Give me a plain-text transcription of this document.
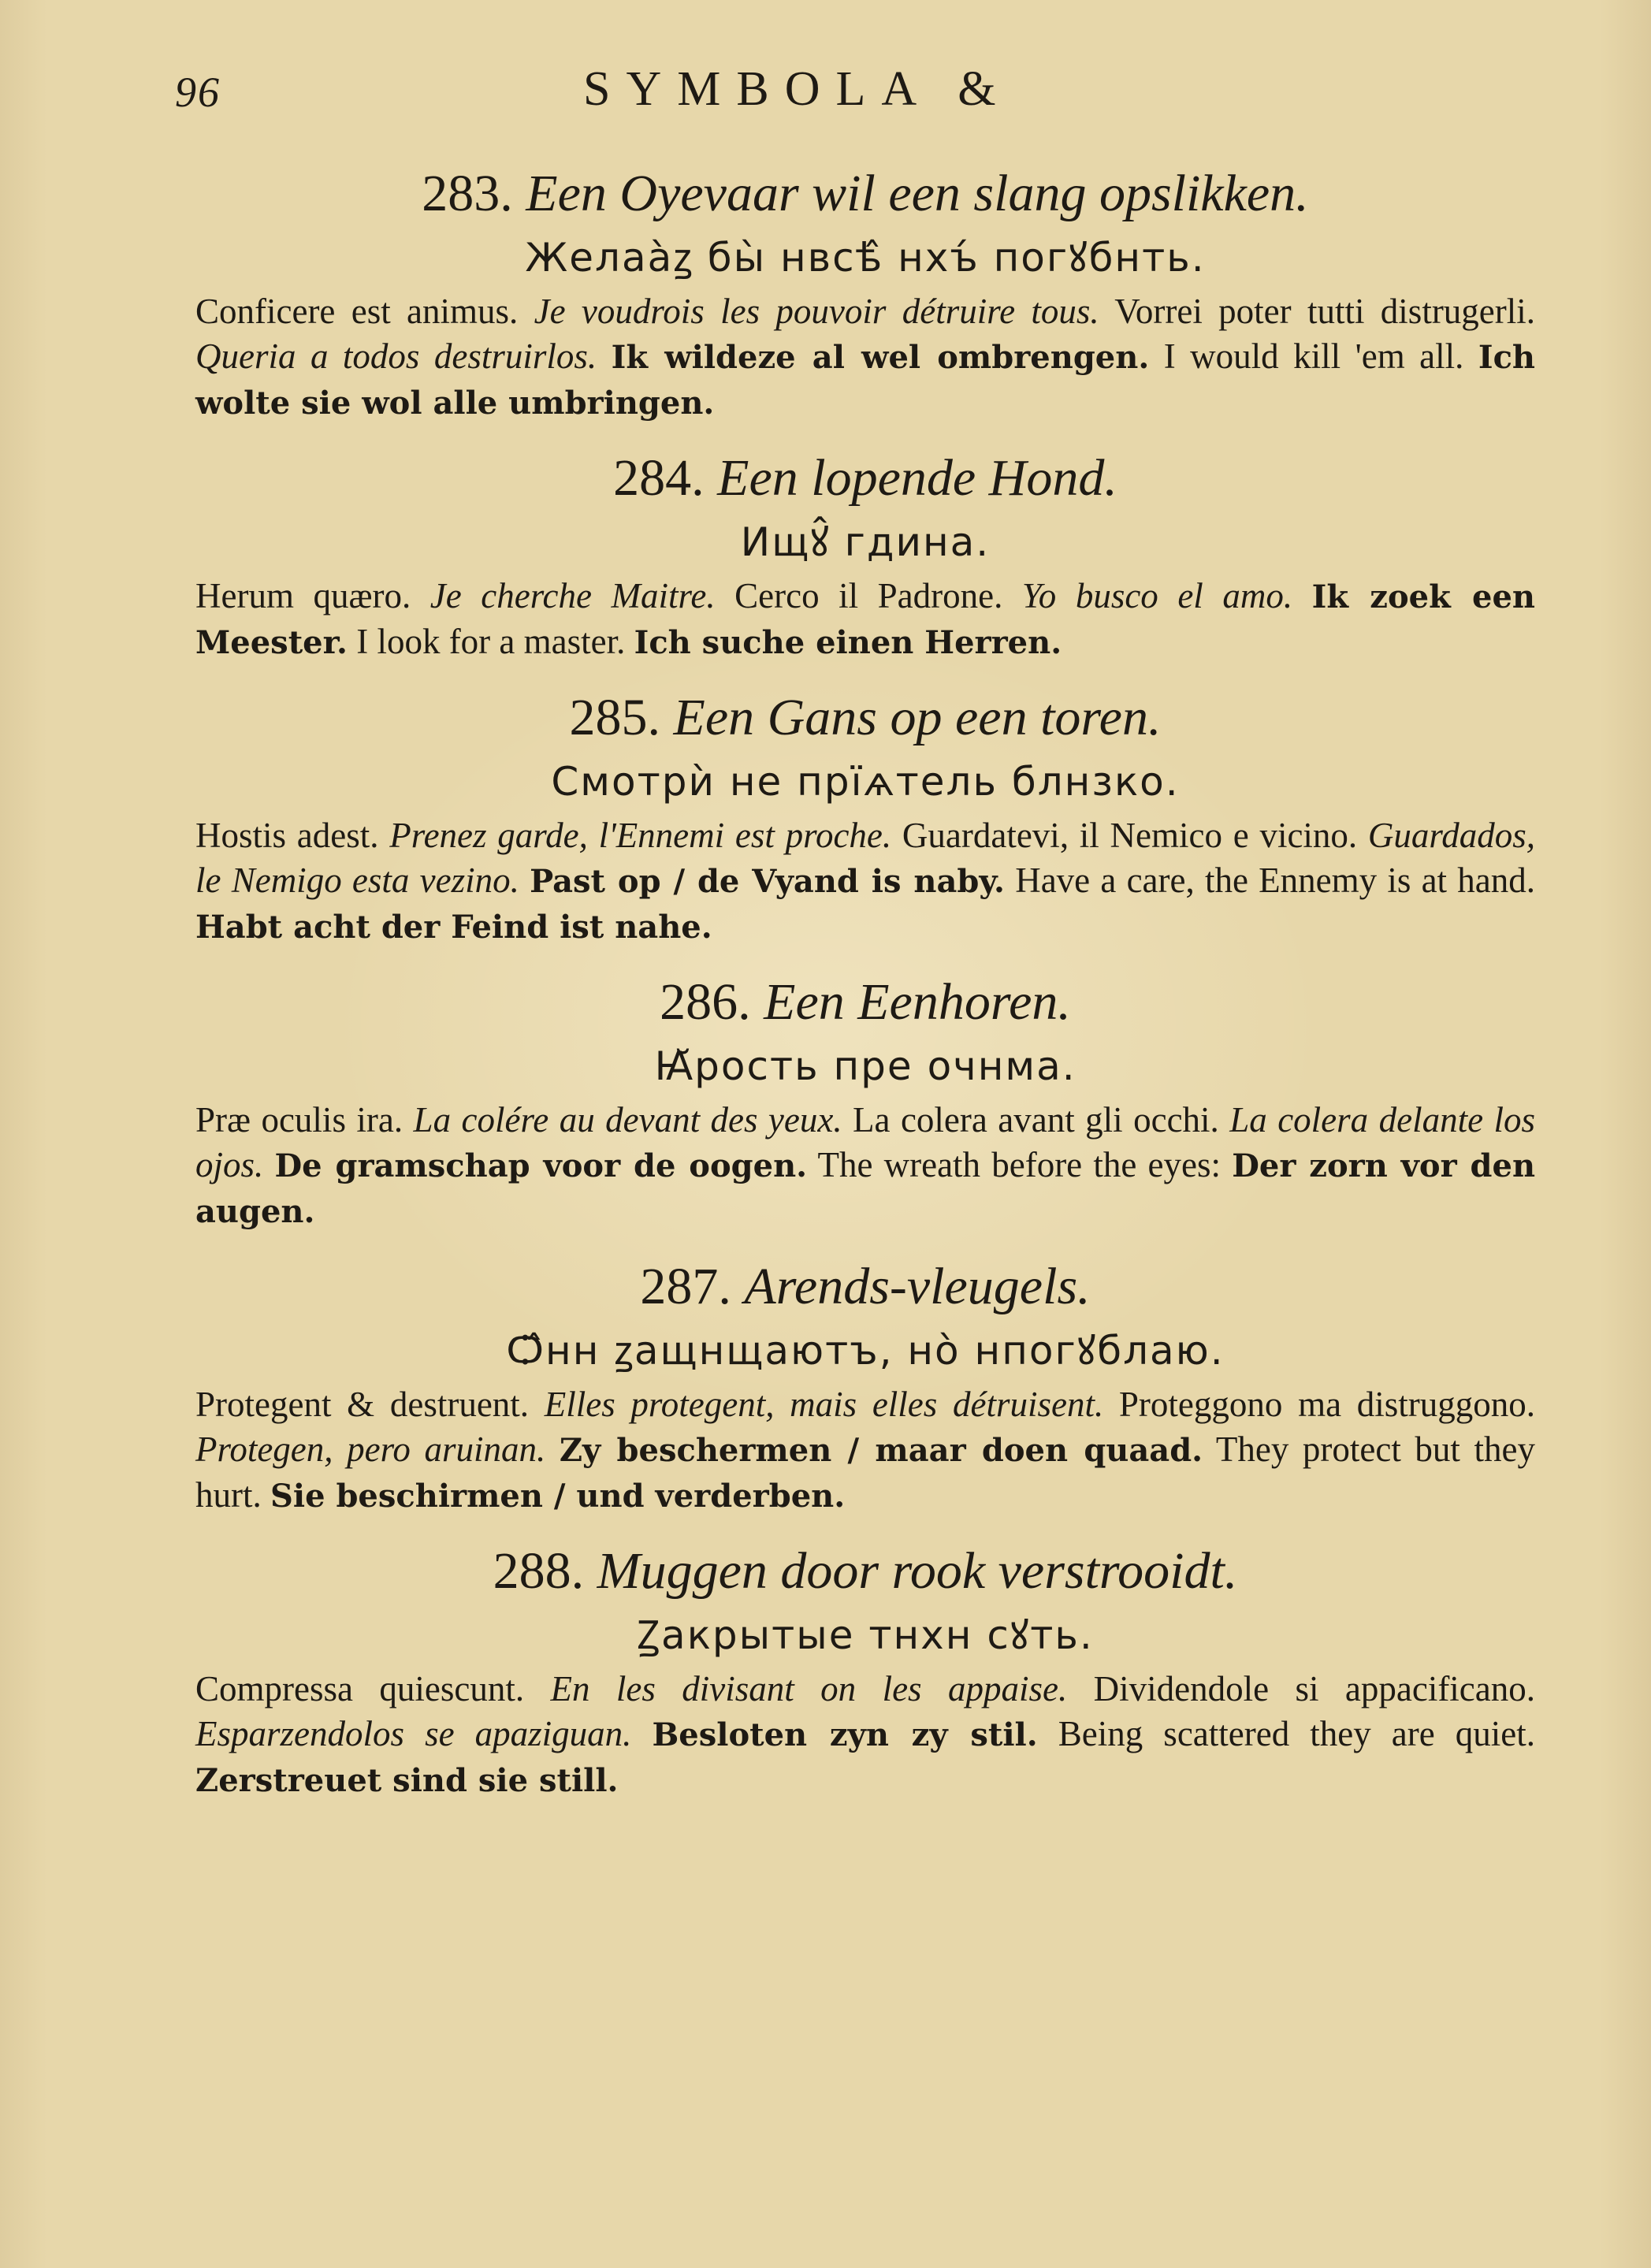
96	SYMBOLA &

283. Een Oyevaar wil een slang opslikken.

Желаа̀ꙁ бы̀ нвсѣ̂ нхъ́ погꙋбнть.

Conficere est animus. Je voudrois les pouvoir détruire tous. Vorrei poter tutti distrugerli. Queria a todos destruirlos. Ik wildeze al wel ombrengen. I would kill 'em all. Ich wolte sie wol alle umbringen.

284. Een lopende Hond.

Ищꙋ̂ гдина.

Herum quæro. Je cherche Maitre. Cerco il Padrone. Yo busco el amo. Ik zoek een Meester. I look for a master. Ich suche einen Herren.

285. Een Gans op een toren.

Смотрѝ не прїѧтель блнзко.

Hostis adest. Prenez garde, l'Ennemi est proche. Guardatevi, il Nemico e vicino. Guardados, le Nemigo esta vezino. Past op / de Vyand is naby. Have a care, the Ennemy is at hand. Habt acht der Feind ist nahe.

286. Een Eenhoren.

Ꙗ̆рость пре очнма.

Præ oculis ira. La colére au devant des yeux. La colera avant gli occhi. La colera delante los ojos. De gramschap voor de oogen. The wreath before the eyes: Der zorn vor den augen.

287. Arends-vleugels.

Ѻ̂нн ꙁащнщаютъ, но̀ нпогꙋблаю.

Protegent & destruent. Elles protegent, mais elles détruisent. Proteggono ma distruggono. Protegen, pero aruinan. Zy beschermen / maar doen quaad. They protect but they hurt. Sie beschirmen / und verderben.

288. Muggen door rook verstrooidt.

Ꙁакрытые тнхн сꙋть.

Compressa quiescunt. En les divisant on les appaise. Dividendole si appacificano. Esparzendolos se apaziguan. Besloten zyn zy stil. Being scattered they are quiet. Zerstreuet sind sie still.
